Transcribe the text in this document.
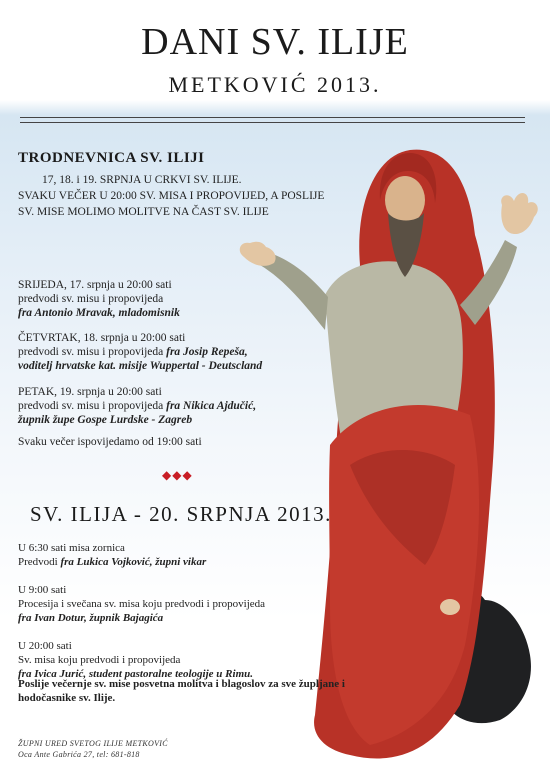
DANI SV. ILIJE
METKOVIĆ 2013.
TRODNEVNICA SV. ILIJI
17, 18. i 19. SRPNJA U CRKVI SV. ILIJE.
SVAKU VEČER U 20:00 SV. MISA I PROPOVIJED, A POSLIJE
SV. MISE MOLIMO MOLITVE NA ČAST SV. ILIJE
SRIJEDA, 17. srpnja u 20:00 sati
predvodi sv. misu i propovijeda
fra Antonio Mravak, mladomisnik
ČETVRTAK, 18. srpnja u 20:00 sati
predvodi sv. misu i propovijeda fra Josip Repeša,
voditelj hrvatske kat. misije Wuppertal - Deutscland
PETAK, 19. srpnja u 20:00 sati
predvodi sv. misu i propovijeda fra Nikica Ajdučić,
župnik župe Gospe Lurdske - Zagreb
Svaku večer ispovijedamo od 19:00 sati
◆◆◆
SV. ILIJA - 20. SRPNJA 2013.
U 6:30 sati misa zornica
Predvodi fra Lukica Vojković, župni vikar
U 9:00 sati
Procesija i svečana sv. misa koju predvodi i propovijeda
fra Ivan Dotur, župnik Bajagića
U 20:00 sati
Sv. misa koju predvodi i propovijeda
fra Ivica Jurić, student pastoralne teologije u Rimu.
Poslije večernje sv. mise posvetna molitva i blagoslov za sve župljane i hodočasnike sv. Ilije.
ŽUPNI URED SVETOG ILIJE METKOVIĆ
Oca Ante Gabrića 27, tel: 681-818
